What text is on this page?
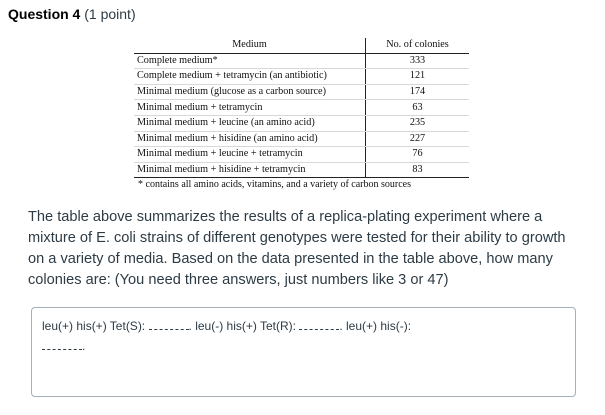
Question 4 (1 point)
Medium	No. of colonies
Complete medium*	333
Complete medium + tetramycin (an antibiotic)	121
Minimal medium (glucose as a carbon source)	174
Minimal medium + tetramycin	63
Minimal medium + leucine (an amino acid)	235
Minimal medium + hisidine (an amino acid)	227
Minimal medium + leucine + tetramycin	76
Minimal medium + hisidine + tetramycin	83
* contains all amino acids, vitamins, and a variety of carbon sources
The table above summarizes the results of a replica-plating experiment where a mixture of E. coli strains of different genotypes were tested for their ability to growth on a variety of media. Based on the data presented in the table above, how many colonies are: (You need three answers, just numbers like 3 or 47)
leu(+) his(+) Tet(S):	. leu(-) his(+) Tet(R):	. leu(+) his(-):
.
